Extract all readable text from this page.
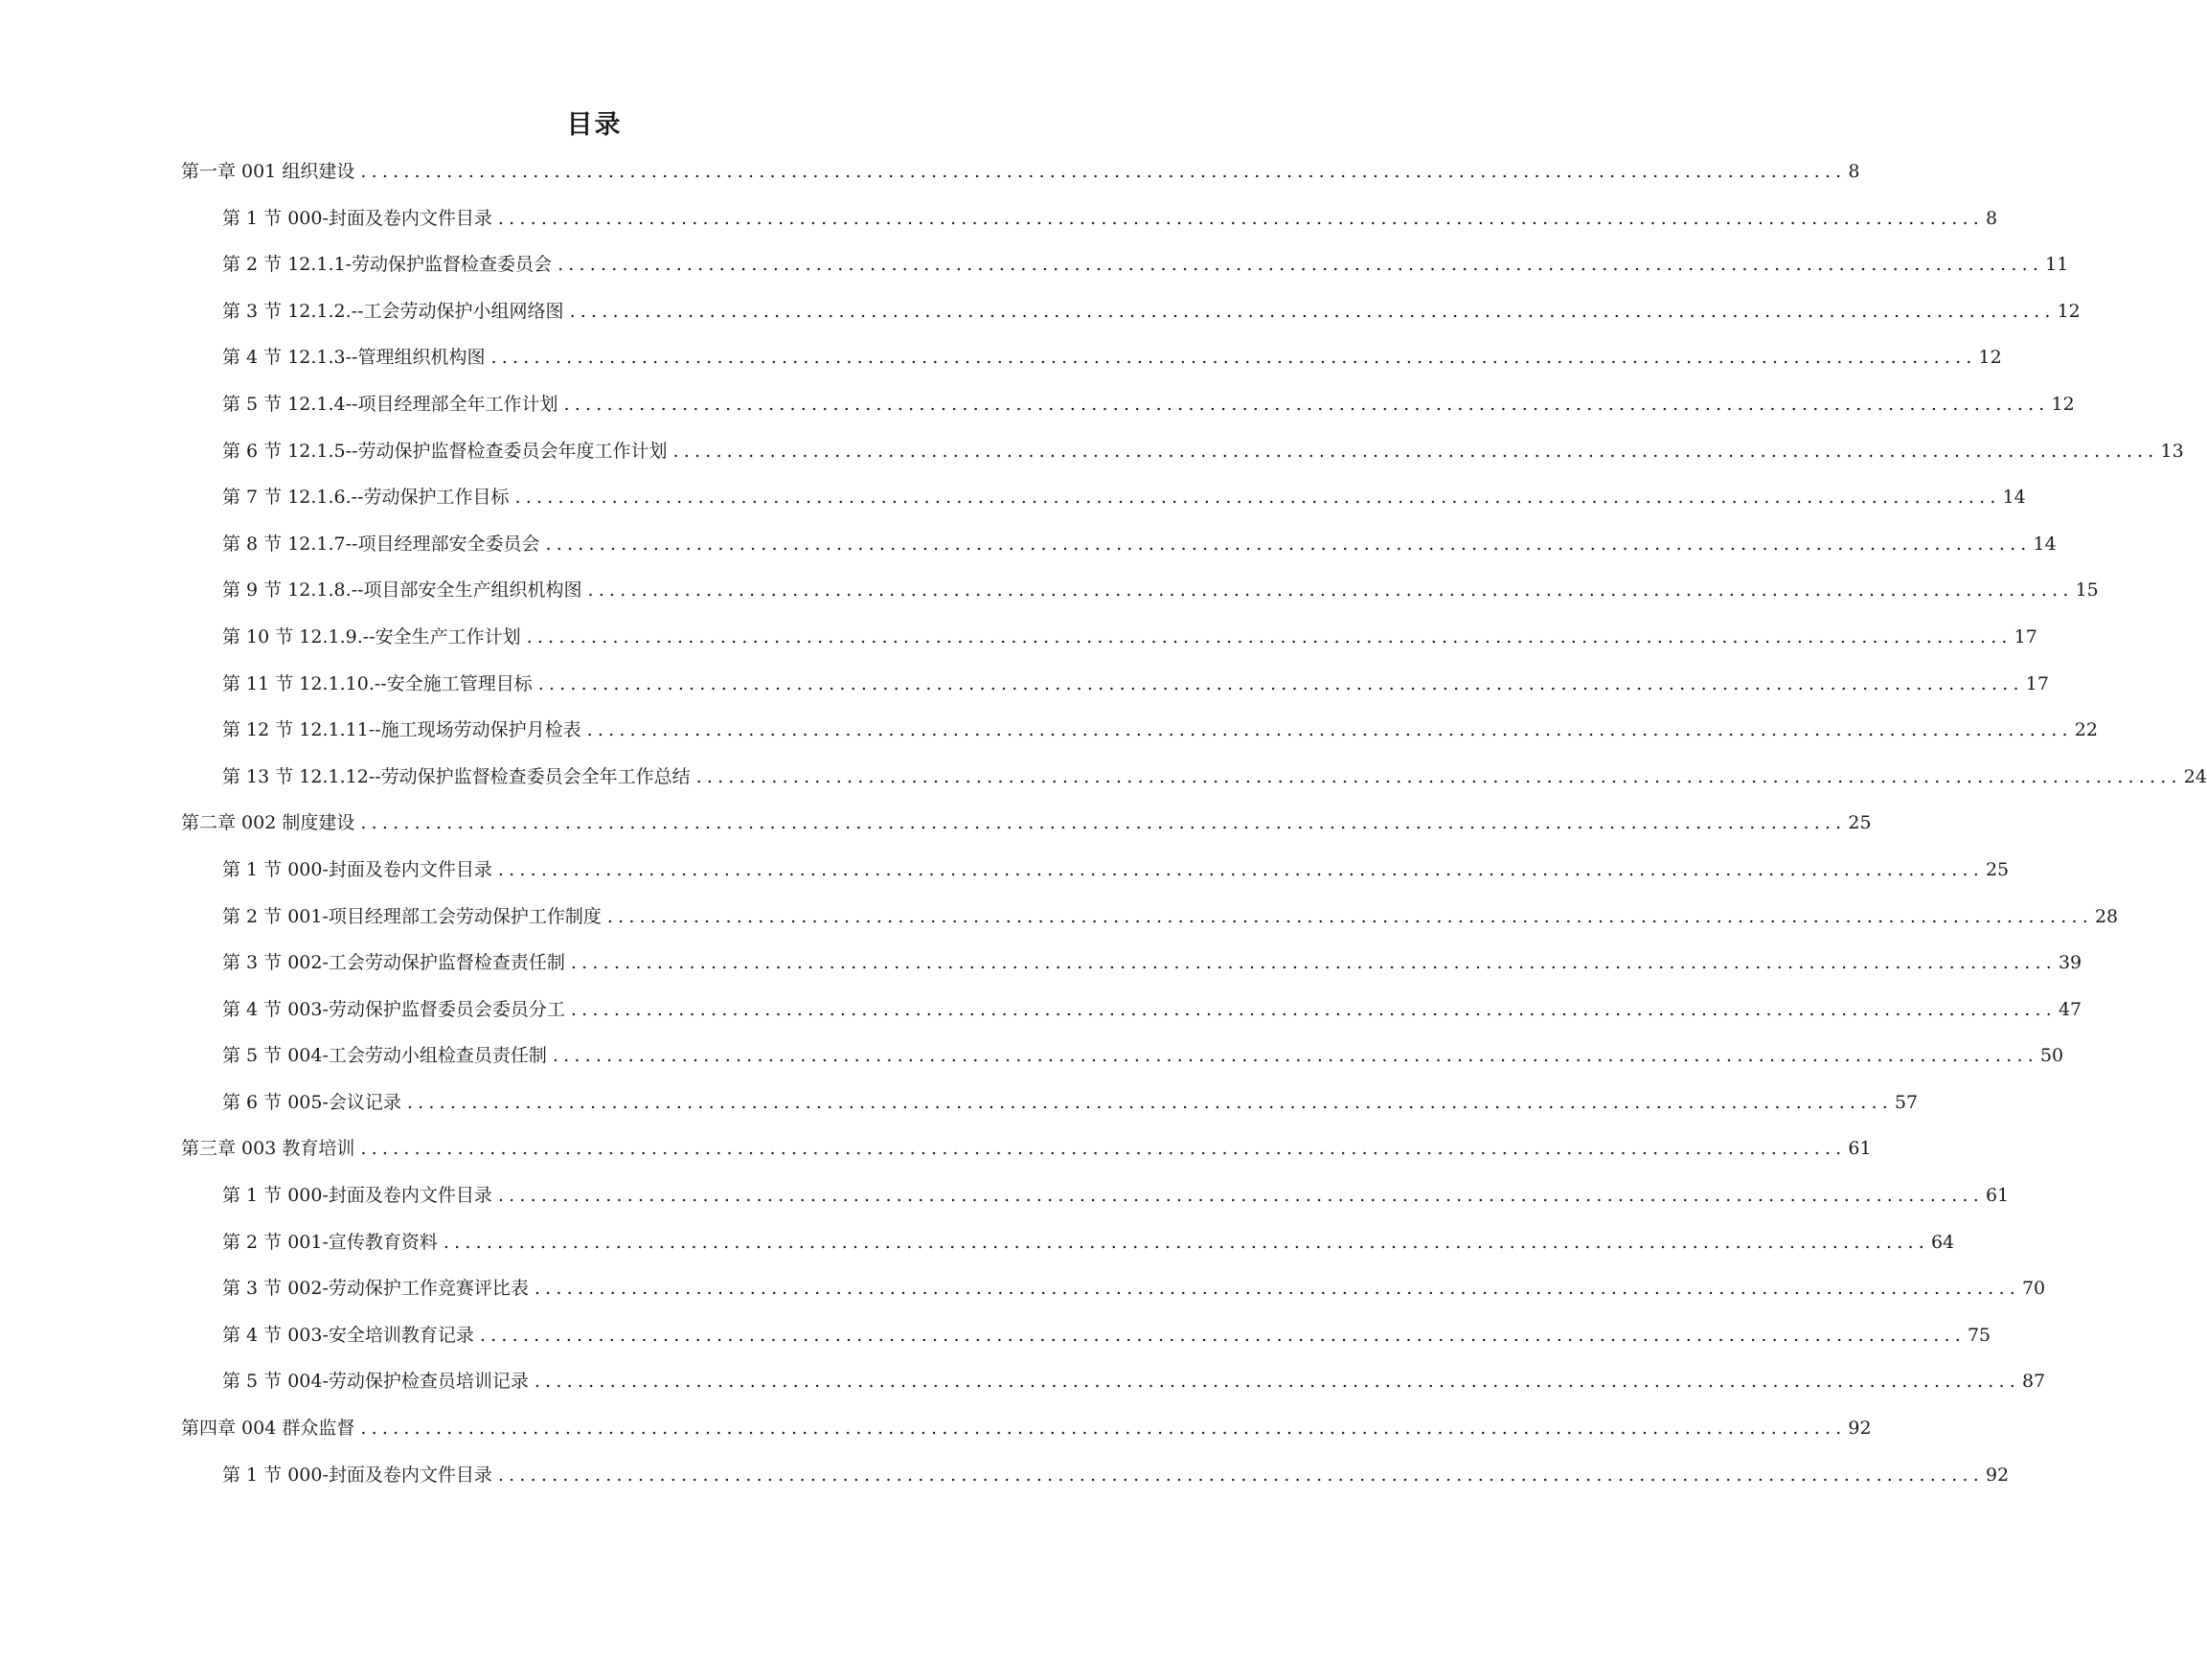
目录
第一章 001 组织建设 .......................................................................................................................................... 8
第 1 节 000-封面及卷内文件目录 .......................................................................................................................................... 8
第 2 节 12.1.1-劳动保护监督检查委员会 .......................................................................................................................................... 11
第 3 节 12.1.2.--工会劳动保护小组网络图 .......................................................................................................................................... 12
第 4 节 12.1.3--管理组织机构图 .......................................................................................................................................... 12
第 5 节 12.1.4--项目经理部全年工作计划 .......................................................................................................................................... 12
第 6 节 12.1.5--劳动保护监督检查委员会年度工作计划 .......................................................................................................................................... 13
第 7 节 12.1.6.--劳动保护工作目标 .......................................................................................................................................... 14
第 8 节 12.1.7--项目经理部安全委员会 .......................................................................................................................................... 14
第 9 节 12.1.8.--项目部安全生产组织机构图 .......................................................................................................................................... 15
第 10 节 12.1.9.--安全生产工作计划 .......................................................................................................................................... 17
第 11 节 12.1.10.--安全施工管理目标 .......................................................................................................................................... 17
第 12 节 12.1.11--施工现场劳动保护月检表 .......................................................................................................................................... 22
第 13 节 12.1.12--劳动保护监督检查委员会全年工作总结 .......................................................................................................................................... 24
第二章 002 制度建设 .......................................................................................................................................... 25
第 1 节 000-封面及卷内文件目录 .......................................................................................................................................... 25
第 2 节 001-项目经理部工会劳动保护工作制度 .......................................................................................................................................... 28
第 3 节 002-工会劳动保护监督检查责任制 .......................................................................................................................................... 39
第 4 节 003-劳动保护监督委员会委员分工 .......................................................................................................................................... 47
第 5 节 004-工会劳动小组检查员责任制 .......................................................................................................................................... 50
第 6 节 005-会议记录 .......................................................................................................................................... 57
第三章 003 教育培训 .......................................................................................................................................... 61
第 1 节 000-封面及卷内文件目录 .......................................................................................................................................... 61
第 2 节 001-宣传教育资料 .......................................................................................................................................... 64
第 3 节 002-劳动保护工作竞赛评比表 .......................................................................................................................................... 70
第 4 节 003-安全培训教育记录 .......................................................................................................................................... 75
第 5 节 004-劳动保护检查员培训记录 .......................................................................................................................................... 87
第四章 004 群众监督 .......................................................................................................................................... 92
第 1 节 000-封面及卷内文件目录 .......................................................................................................................................... 92
